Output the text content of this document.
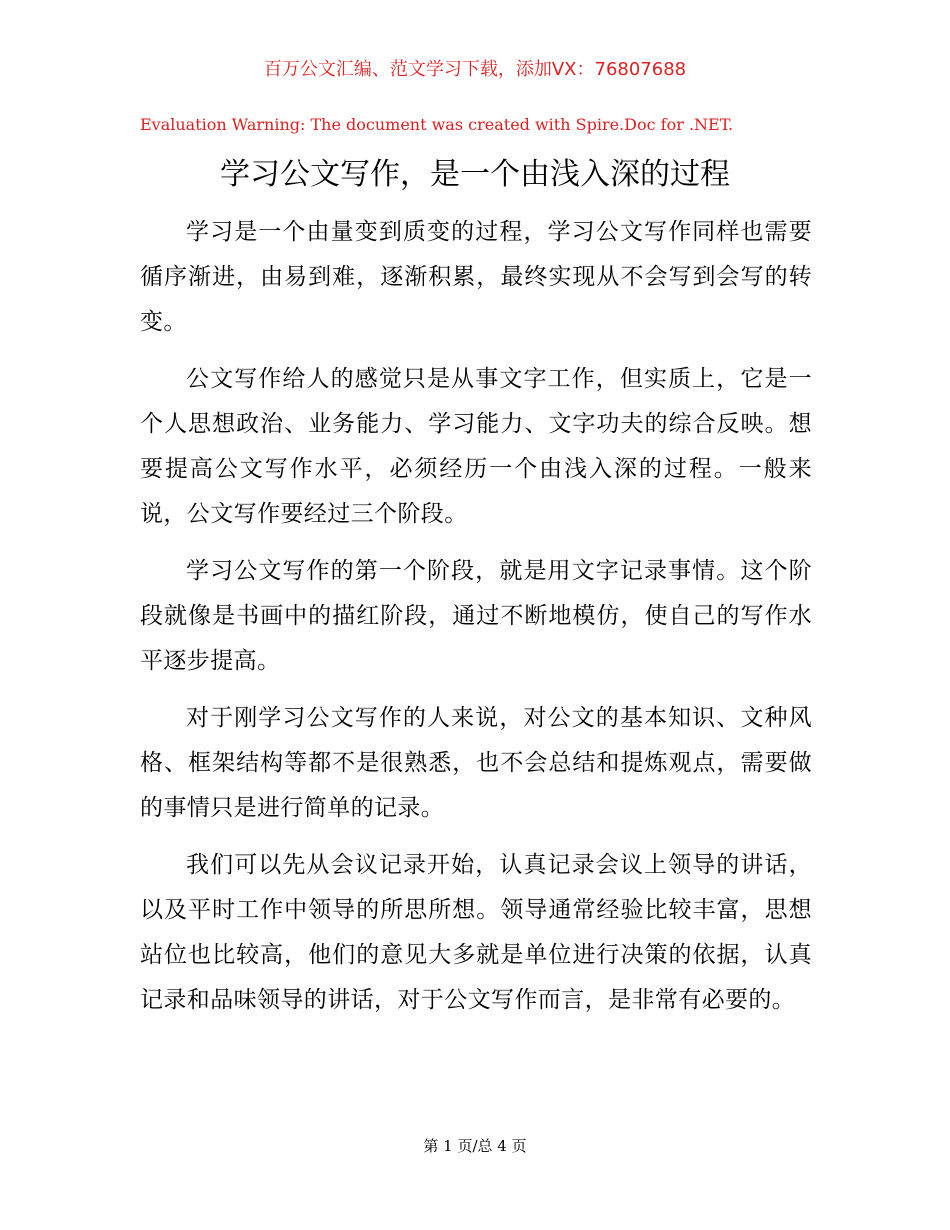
百万公文汇编、范文学习下载，添加VX：76807688
Evaluation Warning: The document was created with Spire.Doc for .NET.
学习公文写作，是一个由浅入深的过程

学习是一个由量变到质变的过程，学习公文写作同样也需要循序渐进，由易到难，逐渐积累，最终实现从不会写到会写的转变。

公文写作给人的感觉只是从事文字工作，但实质上，它是一个人思想政治、业务能力、学习能力、文字功夫的综合反映。想要提高公文写作水平，必须经历一个由浅入深的过程。一般来说，公文写作要经过三个阶段。

学习公文写作的第一个阶段，就是用文字记录事情。这个阶段就像是书画中的描红阶段，通过不断地模仿，使自己的写作水平逐步提高。

对于刚学习公文写作的人来说，对公文的基本知识、文种风格、框架结构等都不是很熟悉，也不会总结和提炼观点，需要做的事情只是进行简单的记录。

我们可以先从会议记录开始，认真记录会议上领导的讲话，以及平时工作中领导的所思所想。领导通常经验比较丰富，思想站位也比较高，他们的意见大多就是单位进行决策的依据，认真记录和品味领导的讲话，对于公文写作而言，是非常有必要的。

第 1 页/总 4 页
